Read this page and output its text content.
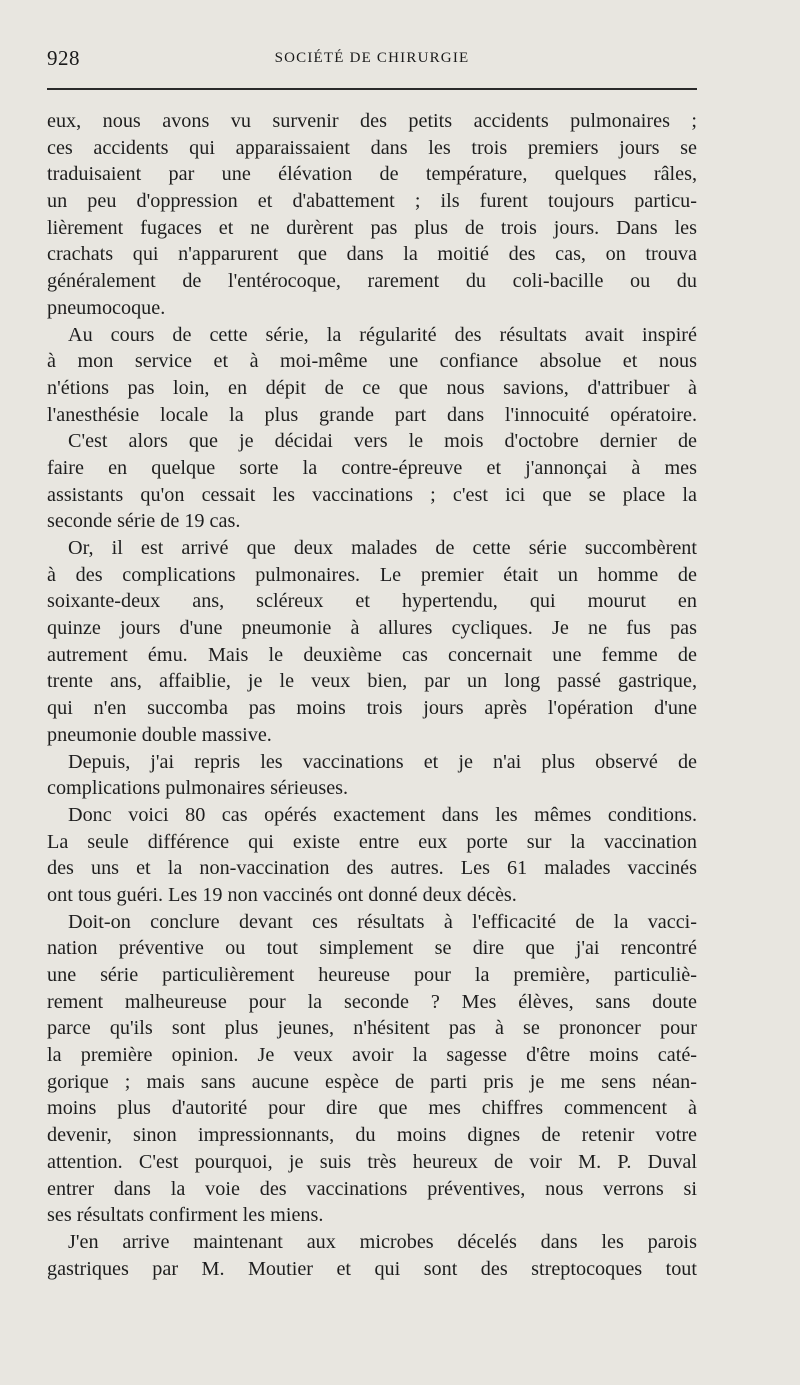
928	SOCIÉTÉ DE CHIRURGIE
eux, nous avons vu survenir des petits accidents pulmonaires ;
ces accidents qui apparaissaient dans les trois premiers jours se
traduisaient par une élévation de température, quelques râles,
un peu d'oppression et d'abattement ; ils furent toujours particu-
lièrement fugaces et ne durèrent pas plus de trois jours. Dans les
crachats qui n'apparurent que dans la moitié des cas, on trouva
généralement de l'entérocoque, rarement du coli-bacille ou du
pneumocoque.
Au cours de cette série, la régularité des résultats avait inspiré
à mon service et à moi-même une confiance absolue et nous
n'étions pas loin, en dépit de ce que nous savions, d'attribuer à
l'anesthésie locale la plus grande part dans l'innocuité opératoire.
C'est alors que je décidai vers le mois d'octobre dernier de
faire en quelque sorte la contre-épreuve et j'annonçai à mes
assistants qu'on cessait les vaccinations ; c'est ici que se place la
seconde série de 19 cas.
Or, il est arrivé que deux malades de cette série succombèrent
à des complications pulmonaires. Le premier était un homme de
soixante-deux ans, scléreux et hypertendu, qui mourut en
quinze jours d'une pneumonie à allures cycliques. Je ne fus pas
autrement ému. Mais le deuxième cas concernait une femme de
trente ans, affaiblie, je le veux bien, par un long passé gastrique,
qui n'en succomba pas moins trois jours après l'opération d'une
pneumonie double massive.
Depuis, j'ai repris les vaccinations et je n'ai plus observé de
complications pulmonaires sérieuses.
Donc voici 80 cas opérés exactement dans les mêmes conditions.
La seule différence qui existe entre eux porte sur la vaccination
des uns et la non-vaccination des autres. Les 61 malades vaccinés
ont tous guéri. Les 19 non vaccinés ont donné deux décès.
Doit-on conclure devant ces résultats à l'efficacité de la vacci-
nation préventive ou tout simplement se dire que j'ai rencontré
une série particulièrement heureuse pour la première, particuliè-
rement malheureuse pour la seconde ? Mes élèves, sans doute
parce qu'ils sont plus jeunes, n'hésitent pas à se prononcer pour
la première opinion. Je veux avoir la sagesse d'être moins caté-
gorique ; mais sans aucune espèce de parti pris je me sens néan-
moins plus d'autorité pour dire que mes chiffres commencent à
devenir, sinon impressionnants, du moins dignes de retenir votre
attention. C'est pourquoi, je suis très heureux de voir M. P. Duval
entrer dans la voie des vaccinations préventives, nous verrons si
ses résultats confirment les miens.
J'en arrive maintenant aux microbes décelés dans les parois
gastriques par M. Moutier et qui sont des streptocoques tout
